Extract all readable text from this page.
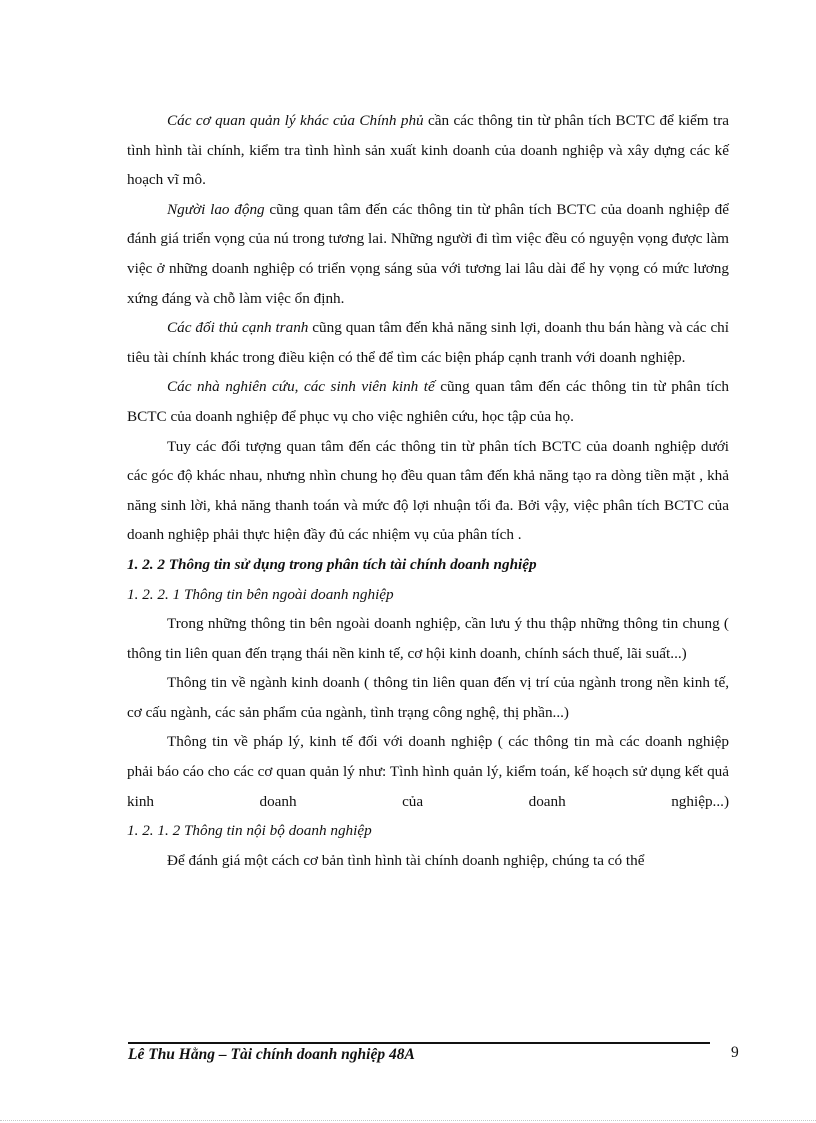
Các cơ quan quản lý khác của Chính phủ cần các thông tin từ phân tích BCTC để kiểm tra tình hình tài chính, kiểm tra tình hình sản xuất kinh doanh của doanh nghiệp và xây dựng các kế hoạch vĩ mô.

Người lao động cũng quan tâm đến các thông tin từ phân tích BCTC của doanh nghiệp để đánh giá triển vọng của nú trong tương lai. Những người đi tìm việc đều có nguyện vọng được làm việc ở những doanh nghiệp có triển vọng sáng sủa với tương lai lâu dài để hy vọng có mức lương xứng đáng và chỗ làm việc ổn định.

Các đối thủ cạnh tranh cũng quan tâm đến khả năng sinh lợi, doanh thu bán hàng và các chỉ tiêu tài chính khác trong điều kiện có thể để tìm các biện pháp cạnh tranh với doanh nghiệp.

Các nhà nghiên cứu, các sinh viên kinh tế cũng quan tâm đến các thông tin từ phân tích BCTC của doanh nghiệp để phục vụ cho việc nghiên cứu, học tập của họ.

Tuy các đối tượng quan tâm đến các thông tin từ phân tích BCTC của doanh nghiệp dưới các góc độ khác nhau, nhưng nhìn chung họ đều quan tâm đến khả năng tạo ra dòng tiền mặt , khả năng sinh lời, khả năng thanh toán và mức độ lợi nhuận tối đa. Bởi vậy, việc phân tích BCTC của doanh nghiệp phải thực hiện đầy đủ các nhiệm vụ của phân tích .

1. 2. 2 Thông tin sử dụng trong phân tích tài chính doanh nghiệp

1. 2. 2. 1 Thông tin bên ngoài doanh nghiệp

Trong những thông tin bên ngoài doanh nghiệp, cần lưu ý thu thập những thông tin chung ( thông tin liên quan đến trạng thái nền kinh tế, cơ hội kinh doanh, chính sách thuế, lãi suất...)

Thông tin về ngành kinh doanh ( thông tin liên quan đến vị trí của ngành trong nền kinh tế, cơ cấu ngành, các sản phẩm của ngành, tình trạng công nghệ, thị phần...)

Thông tin về pháp lý, kinh tế đối với doanh nghiệp ( các thông tin mà các doanh nghiệp phải báo cáo cho các cơ quan quản lý như: Tình hình quản lý, kiểm toán, kế hoạch sử dụng kết quả kinh doanh của doanh nghiệp...)

1. 2. 1. 2 Thông tin nội bộ doanh nghiệp

Để đánh giá một cách cơ bản tình hình tài chính doanh nghiệp, chúng ta có thể

Lê Thu Hằng – Tài chính doanh nghiệp 48A	9
